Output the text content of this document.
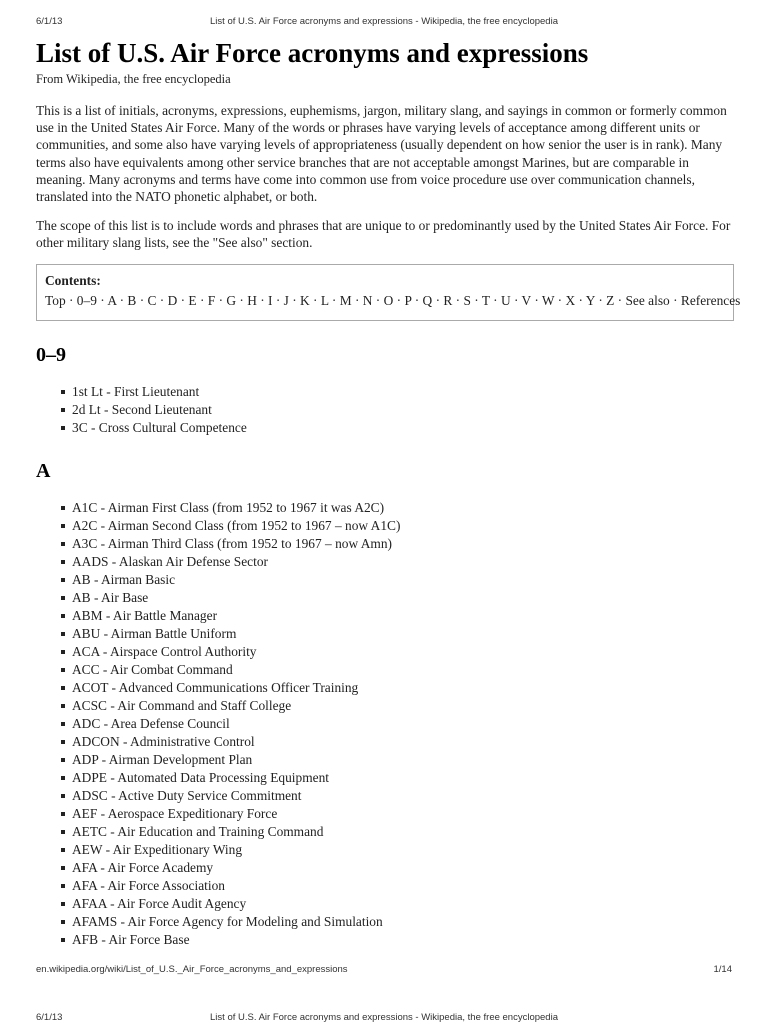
6/1/13	List of U.S. Air Force acronyms and expressions - Wikipedia, the free encyclopedia
List of U.S. Air Force acronyms and expressions
From Wikipedia, the free encyclopedia

This is a list of initials, acronyms, expressions, euphemisms, jargon, military slang, and sayings in common or formerly common use in the United States Air Force. Many of the words or phrases have varying levels of acceptance among different units or communities, and some also have varying levels of appropriateness (usually dependent on how senior the user is in rank). Many terms also have equivalents among other service branches that are not acceptable amongst Marines, but are comparable in meaning. Many acronyms and terms have come into common use from voice procedure use over communication channels, translated into the NATO phonetic alphabet, or both.

The scope of this list is to include words and phrases that are unique to or predominantly used by the United States Air Force. For other military slang lists, see the "See also" section.

Contents:
Top · 0–9 · A · B · C · D · E · F · G · H · I · J · K · L · M · N · O · P · Q · R · S · T · U · V · W · X · Y · Z · See also · References
0–9
1st Lt - First Lieutenant
2d Lt - Second Lieutenant
3C - Cross Cultural Competence
A
A1C - Airman First Class (from 1952 to 1967 it was A2C)
A2C - Airman Second Class (from 1952 to 1967 – now A1C)
A3C - Airman Third Class (from 1952 to 1967 – now Amn)
AADS - Alaskan Air Defense Sector
AB - Airman Basic
AB - Air Base
ABM - Air Battle Manager
ABU - Airman Battle Uniform
ACA - Airspace Control Authority
ACC - Air Combat Command
ACOT - Advanced Communications Officer Training
ACSC - Air Command and Staff College
ADC - Area Defense Council
ADCON - Administrative Control
ADP - Airman Development Plan
ADPE - Automated Data Processing Equipment
ADSC - Active Duty Service Commitment
AEF - Aerospace Expeditionary Force
AETC - Air Education and Training Command
AEW - Air Expeditionary Wing
AFA - Air Force Academy
AFA - Air Force Association
AFAA - Air Force Audit Agency
AFAMS - Air Force Agency for Modeling and Simulation
AFB - Air Force Base
en.wikipedia.org/wiki/List_of_U.S._Air_Force_acronyms_and_expressions	1/14
6/1/13	List of U.S. Air Force acronyms and expressions - Wikipedia, the free encyclopedia
